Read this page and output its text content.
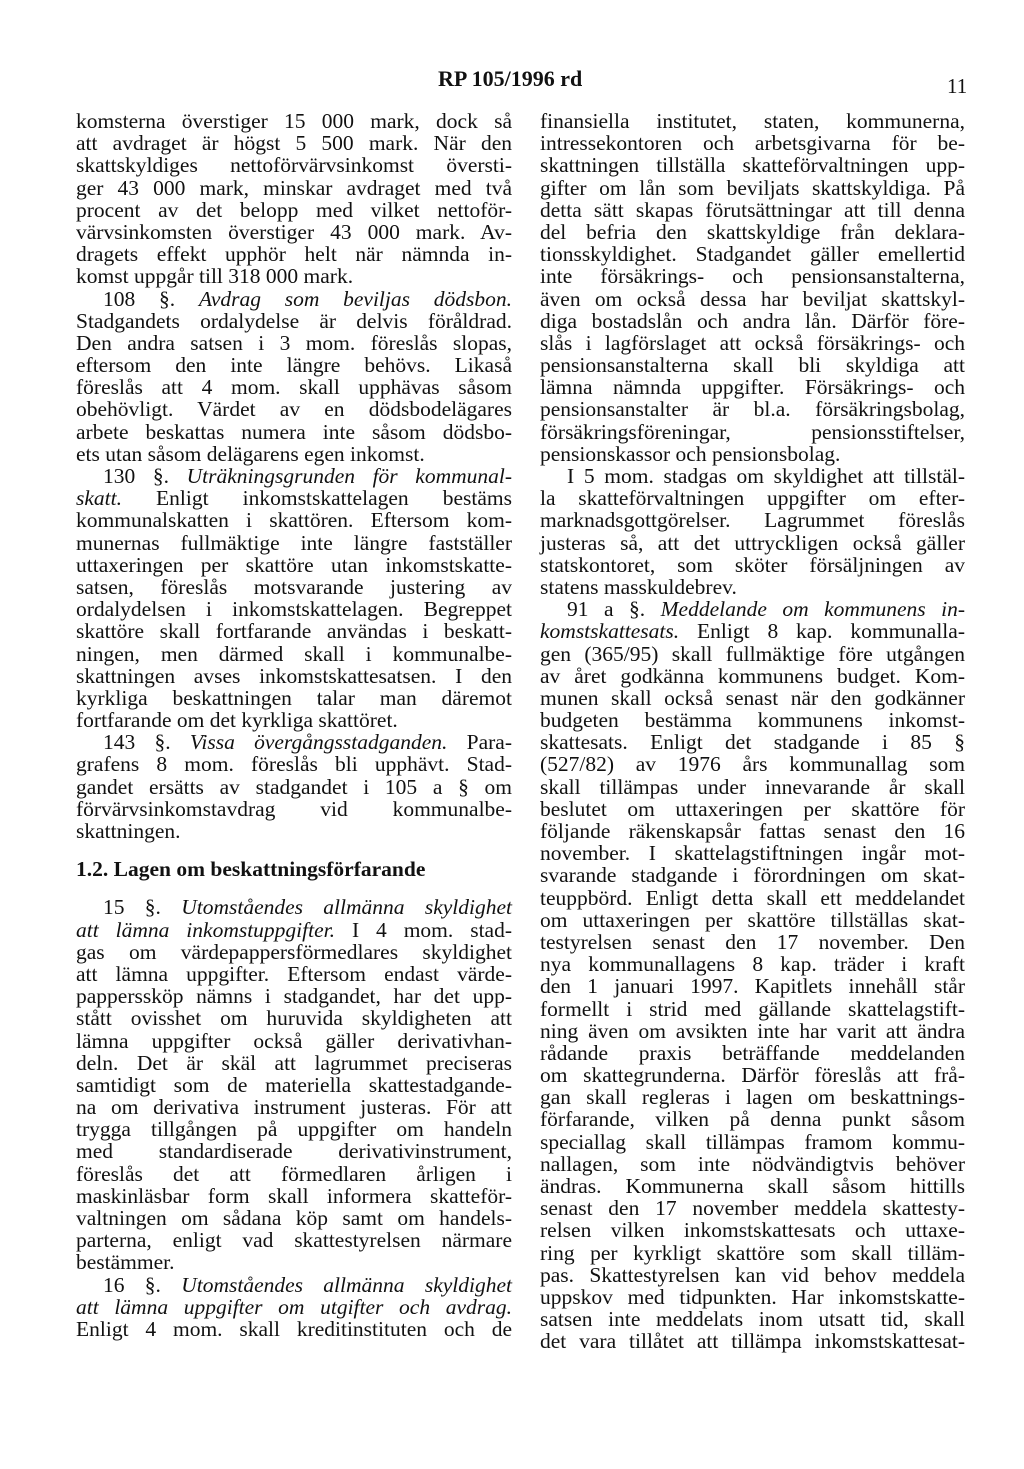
RP 105/1996 rd	11
komsterna överstiger 15 000 mark, dock så
att avdraget är högst 5 500 mark. När den
skattskyldiges nettoförvärvsinkomst översti-
ger 43 000 mark, minskar avdraget med två
procent av det belopp med vilket nettoför-
värvsinkomsten överstiger 43 000 mark. Av-
dragets effekt upphör helt när nämnda in-
komst uppgår till 318 000 mark.
108 §. Avdrag som beviljas dödsbon.
Stadgandets ordalydelse är delvis föråldrad.
Den andra satsen i 3 mom. föreslås slopas,
eftersom den inte längre behövs. Likaså
föreslås att 4 mom. skall upphävas såsom
obehövligt. Värdet av en dödsbodelägares
arbete beskattas numera inte såsom dödsbo-
ets utan såsom delägarens egen inkomst.
130 §. Uträkningsgrunden för kommunal-
skatt. Enligt inkomstskattelagen bestäms
kommunalskatten i skattören. Eftersom kom-
munernas fullmäktige inte längre fastställer
uttaxeringen per skattöre utan inkomstskatte-
satsen, föreslås motsvarande justering av
ordalydelsen i inkomstskattelagen. Begreppet
skattöre skall fortfarande användas i beskatt-
ningen, men därmed skall i kommunalbe-
skattningen avses inkomstskattesatsen. I den
kyrkliga beskattningen talar man däremot
fortfarande om det kyrkliga skattöret.
143 §. Vissa övergångsstadganden. Para-
grafens 8 mom. föreslås bli upphävt. Stad-
gandet ersätts av stadgandet i 105 a § om
förvärvsinkomstavdrag vid kommunalbe-
skattningen.
1.2. Lagen om beskattningsförfarande
15 §. Utomståendes allmänna skyldighet
att lämna inkomstuppgifter. I 4 mom. stad-
gas om värdepappersförmedlares skyldighet
att lämna uppgifter. Eftersom endast värde-
papperssköp nämns i stadgandet, har det upp-
stått ovisshet om huruvida skyldigheten att
lämna uppgifter också gäller derivativhan-
deln. Det är skäl att lagrummet preciseras
samtidigt som de materiella skattestadgande-
na om derivativa instrument justeras. För att
trygga tillgången på uppgifter om handeln
med standardiserade derivativinstrument,
föreslås det att förmedlaren årligen i
maskinläsbar form skall informera skatteför-
valtningen om sådana köp samt om handels-
parterna, enligt vad skattestyrelsen närmare
bestämmer.
16 §. Utomståendes allmänna skyldighet
att lämna uppgifter om utgifter och avdrag.
Enligt 4 mom. skall kreditinstituten och de
finansiella institutet, staten, kommunerna,
intressekontoren och arbetsgivarna för be-
skattningen tillställa skatteförvaltningen upp-
gifter om lån som beviljats skattskyldiga. På
detta sätt skapas förutsättningar att till denna
del befria den skattskyldige från deklara-
tionsskyldighet. Stadgandet gäller emellertid
inte försäkrings- och pensionsanstalterna,
även om också dessa har beviljat skattskyl-
diga bostadslån och andra lån. Därför före-
slås i lagförslaget att också försäkrings- och
pensionsanstalterna skall bli skyldiga att
lämna nämnda uppgifter. Försäkrings- och
pensionsanstalter är bl.a. försäkringsbolag,
försäkringsföreningar, pensionsstiftelser,
pensionskassor och pensionsbolag.
I 5 mom. stadgas om skyldighet att tillstäl-
la skatteförvaltningen uppgifter om efter-
marknadsgottgörelser. Lagrummet föreslås
justeras så, att det uttryckligen också gäller
statskontoret, som sköter försäljningen av
statens masskuldebrev.
91 a §. Meddelande om kommunens in-
komstskattesats. Enligt 8 kap. kommunalla-
gen (365/95) skall fullmäktige före utgången
av året godkänna kommunens budget. Kom-
munen skall också senast när den godkänner
budgeten bestämma kommunens inkomst-
skattesats. Enligt det stadgande i 85 §
(527/82) av 1976 års kommunallag som
skall tillämpas under innevarande år skall
beslutet om uttaxeringen per skattöre för
följande räkenskapsår fattas senast den 16
november. I skattelagstiftningen ingår mot-
svarande stadgande i förordningen om skat-
teuppbörd. Enligt detta skall ett meddelandet
om uttaxeringen per skattöre tillställas skat-
testyrelsen senast den 17 november. Den
nya kommunallagens 8 kap. träder i kraft
den 1 januari 1997. Kapitlets innehåll står
formellt i strid med gällande skattelagstift-
ning även om avsikten inte har varit att ändra
rådande praxis beträffande meddelanden
om skattegrunderna. Därför föreslås att frå-
gan skall regleras i lagen om beskattnings-
förfarande, vilken på denna punkt såsom
speciallag skall tillämpas framom kommu-
nallagen, som inte nödvändigtvis behöver
ändras. Kommunerna skall såsom hittills
senast den 17 november meddela skattesty-
relsen vilken inkomstskattesats och uttaxe-
ring per kyrkligt skattöre som skall tilläm-
pas. Skattestyrelsen kan vid behov meddela
uppskov med tidpunkten. Har inkomstskatte-
satsen inte meddelats inom utsatt tid, skall
det vara tillåtet att tillämpa inkomstskattesat-
